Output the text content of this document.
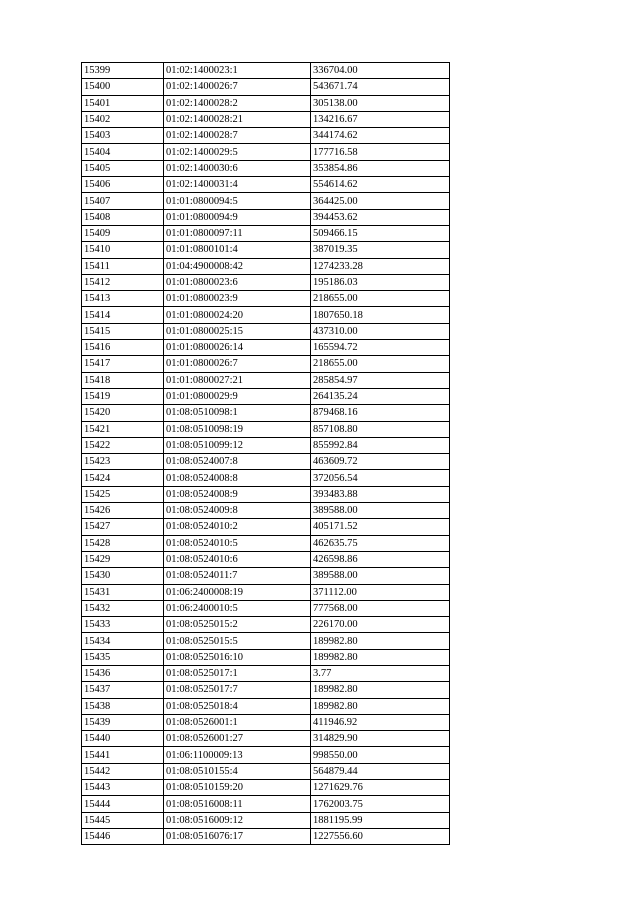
15399	01:02:1400023:1	336704.00
15400	01:02:1400026:7	543671.74
15401	01:02:1400028:2	305138.00
15402	01:02:1400028:21	134216.67
15403	01:02:1400028:7	344174.62
15404	01:02:1400029:5	177716.58
15405	01:02:1400030:6	353854.86
15406	01:02:1400031:4	554614.62
15407	01:01:0800094:5	364425.00
15408	01:01:0800094:9	394453.62
15409	01:01:0800097:11	509466.15
15410	01:01:0800101:4	387019.35
15411	01:04:4900008:42	1274233.28
15412	01:01:0800023:6	195186.03
15413	01:01:0800023:9	218655.00
15414	01:01:0800024:20	1807650.18
15415	01:01:0800025:15	437310.00
15416	01:01:0800026:14	165594.72
15417	01:01:0800026:7	218655.00
15418	01:01:0800027:21	285854.97
15419	01:01:0800029:9	264135.24
15420	01:08:0510098:1	879468.16
15421	01:08:0510098:19	857108.80
15422	01:08:0510099:12	855992.84
15423	01:08:0524007:8	463609.72
15424	01:08:0524008:8	372056.54
15425	01:08:0524008:9	393483.88
15426	01:08:0524009:8	389588.00
15427	01:08:0524010:2	405171.52
15428	01:08:0524010:5	462635.75
15429	01:08:0524010:6	426598.86
15430	01:08:0524011:7	389588.00
15431	01:06:2400008:19	371112.00
15432	01:06:2400010:5	777568.00
15433	01:08:0525015:2	226170.00
15434	01:08:0525015:5	189982.80
15435	01:08:0525016:10	189982.80
15436	01:08:0525017:1	3.77
15437	01:08:0525017:7	189982.80
15438	01:08:0525018:4	189982.80
15439	01:08:0526001:1	411946.92
15440	01:08:0526001:27	314829.90
15441	01:06:1100009:13	998550.00
15442	01:08:0510155:4	564879.44
15443	01:08:0510159:20	1271629.76
15444	01:08:0516008:11	1762003.75
15445	01:08:0516009:12	1881195.99
15446	01:08:0516076:17	1227556.60
